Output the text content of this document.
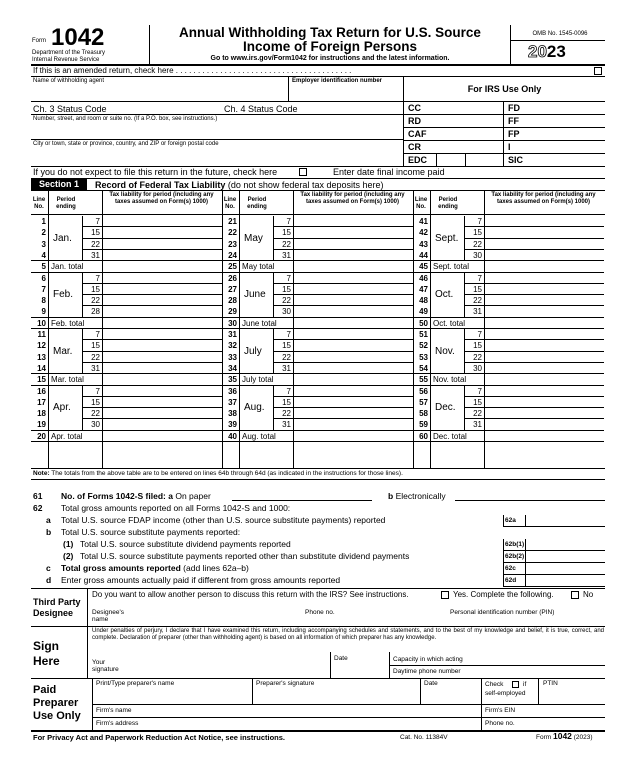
Form 1042
Department of the Treasury
Internal Revenue Service
Annual Withholding Tax Return for U.S. Source
Income of Foreign Persons
Go to www.irs.gov/Form1042 for instructions and the latest information.
OMB No. 1545-0096
2023
If this is an amended return, check here . . . . . . . . . . . . . . . . . . . . . . . . . . . . . . . . . . . . . . . .
Name of withholding agent	Employer identification number
For IRS Use Only
Ch. 3 Status Code	Ch. 4 Status Code
Number, street, and room or suite no. (If a P.O. box, see instructions.)
City or town, state or province, country, and ZIP or foreign postal code
CC	FD
RD	FF
CAF	FP
CR	I
EDC	SIC
If you do not expect to file this return in the future, check here	Enter date final income paid
Section 1	Record of Federal Tax Liability (do not show federal tax deposits here)
Line No.
Period ending
Tax liability for period (including any taxes assumed on Form(s) 1000)	Line No.
Period ending
Tax liability for period (including any taxes assumed on Form(s) 1000)	Line No.
Period ending
Tax liability for period (including any taxes assumed on Form(s) 1000)
1	7
2	15
3	22
4	31
Jan.
5 Jan. total
6	7
7	15
8	22
9	28
Feb.
10 Feb. total
11	7
12	15
13	22
14	31
Mar.
15 Mar. total
16	7
17	15
18	22
19	30
Apr.
20 Apr. total
21	7
22	15
23	22
24	31
May
25 May total
26	7
27	15
28	22
29	30
June
30 June total
31	7
32	15
33	22
34	31
July
35 July total
36	7
37	15
38	22
39	31
Aug.
40 Aug. total
41	7
42	15
43	22
44	30
Sept.
45 Sept. total
46	7
47	15
48	22
49	31
Oct.
50 Oct. total
51	7
52	15
53	22
54	30
Nov.
55 Nov. total
56	7
57	15
58	22
59	31
Dec.
60 Dec. total
Note: The totals from the above table are to be entered on lines 64b through 64d (as indicated in the instructions for those lines).
61 No. of Forms 1042-S filed: a On paper	b Electronically
62 Total gross amounts reported on all Forms 1042-S and 1000:
a Total U.S. source FDAP income (other than U.S. source substitute payments) reported	62a
b Total U.S. source substitute payments reported:
(1) Total U.S. source substitute dividend payments reported	62b(1)
(2) Total U.S. source substitute payments reported other than substitute dividend payments	62b(2)
c Total gross amounts reported (add lines 62a–b)	62c
d Enter gross amounts actually paid if different from gross amounts reported	62d
Third Party
Designee
Do you want to allow another person to discuss this return with the IRS? See instructions.	Yes. Complete the following.	No
Designee's name
Phone no.	Personal identification number (PIN)
Sign
Here
Under penalties of perjury, I declare that I have examined this return, including accompanying schedules and statements, and to the best of my knowledge and belief, it is true, correct, and complete. Declaration of preparer (other than withholding agent) is based on all information of which preparer has any knowledge.
Your signature
Date	Capacity in which acting
Daytime phone number
Paid
Preparer
Use Only
Print/Type preparer's name	Preparer's signature	Date	Check	if
self-employed
PTIN
Firm's name	Firm's EIN
Firm's address	Phone no.
For Privacy Act and Paperwork Reduction Act Notice, see instructions.	Cat. No. 11384V	Form 1042 (2023)
